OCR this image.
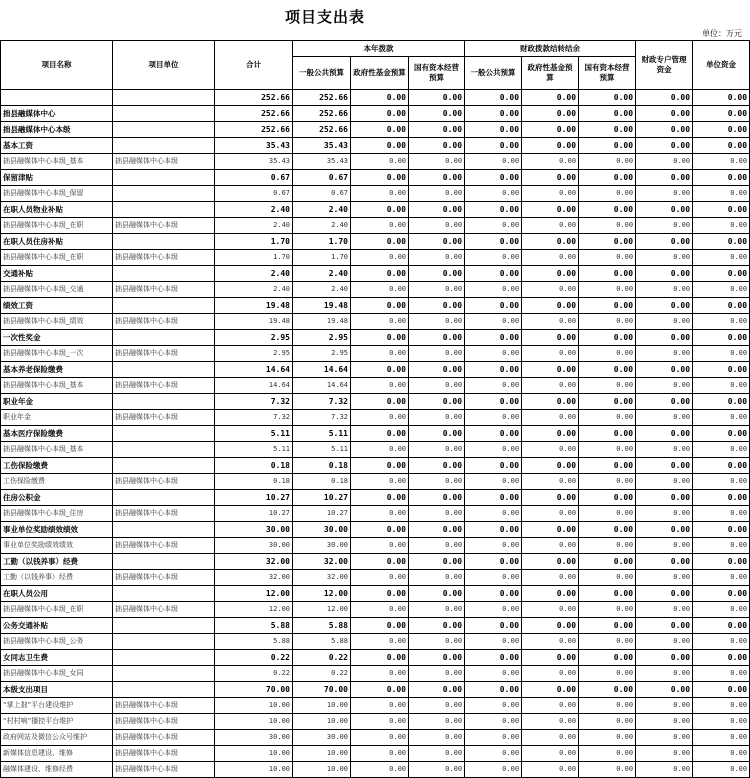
项目支出表
单位：万元
项目名称	项目单位	合计	本年拨款			财政拨款结转结余			财政专户管理资金	单位资金
			一般公共预算	政府性基金预算	国有资本经营预算	一般公共预算	政府性基金预算	国有资本经营预算		
		252.66	252.66	0.00	0.00	0.00	0.00	0.00	0.00	0.00
拙县融媒体中心		252.66	252.66	0.00	0.00	0.00	0.00	0.00	0.00	0.00
拙县融媒体中心本级		252.66	252.66	0.00	0.00	0.00	0.00	0.00	0.00	0.00
基本工资		35.43	35.43	0.00	0.00	0.00	0.00	0.00	0.00	0.00
拙县融媒体中心本级_基本	拙县融媒体中心本级	35.43	35.43	0.00	0.00	0.00	0.00	0.00	0.00	0.00
保留津贴		0.67	0.67	0.00	0.00	0.00	0.00	0.00	0.00	0.00
拙县融媒体中心本级_保留		0.67	0.67	0.00	0.00	0.00	0.00	0.00	0.00	0.00
在职人员物业补贴		2.40	2.40	0.00	0.00	0.00	0.00	0.00	0.00	0.00
拙县融媒体中心本级_在职	拙县融媒体中心本级	2.40	2.40	0.00	0.00	0.00	0.00	0.00	0.00	0.00
在职人员住房补贴		1.70	1.70	0.00	0.00	0.00	0.00	0.00	0.00	0.00
拙县融媒体中心本级_在职	拙县融媒体中心本级	1.70	1.70	0.00	0.00	0.00	0.00	0.00	0.00	0.00
交通补贴		2.40	2.40	0.00	0.00	0.00	0.00	0.00	0.00	0.00
拙县融媒体中心本级_交通	拙县融媒体中心本级	2.40	2.40	0.00	0.00	0.00	0.00	0.00	0.00	0.00
绩效工资		19.48	19.48	0.00	0.00	0.00	0.00	0.00	0.00	0.00
拙县融媒体中心本级_绩效	拙县融媒体中心本级	19.48	19.48	0.00	0.00	0.00	0.00	0.00	0.00	0.00
一次性奖金		2.95	2.95	0.00	0.00	0.00	0.00	0.00	0.00	0.00
拙县融媒体中心本级_一次	拙县融媒体中心本级	2.95	2.95	0.00	0.00	0.00	0.00	0.00	0.00	0.00
基本养老保险缴费		14.64	14.64	0.00	0.00	0.00	0.00	0.00	0.00	0.00
拙县融媒体中心本级_基本	拙县融媒体中心本级	14.64	14.64	0.00	0.00	0.00	0.00	0.00	0.00	0.00
职业年金		7.32	7.32	0.00	0.00	0.00	0.00	0.00	0.00	0.00
职业年金	拙县融媒体中心本级	7.32	7.32	0.00	0.00	0.00	0.00	0.00	0.00	0.00
基本医疗保险缴费		5.11	5.11	0.00	0.00	0.00	0.00	0.00	0.00	0.00
拙县融媒体中心本级_基本		5.11	5.11	0.00	0.00	0.00	0.00	0.00	0.00	0.00
工伤保险缴费		0.18	0.18	0.00	0.00	0.00	0.00	0.00	0.00	0.00
工伤保险缴费	拙县融媒体中心本级	0.18	0.18	0.00	0.00	0.00	0.00	0.00	0.00	0.00
住房公积金		10.27	10.27	0.00	0.00	0.00	0.00	0.00	0.00	0.00
拙县融媒体中心本级_住房	拙县融媒体中心本级	10.27	10.27	0.00	0.00	0.00	0.00	0.00	0.00	0.00
事业单位奖励绩效绩效		30.00	30.00	0.00	0.00	0.00	0.00	0.00	0.00	0.00
事业单位奖励绩效绩效	拙县融媒体中心本级	30.00	30.00	0.00	0.00	0.00	0.00	0.00	0.00	0.00
工勤（以钱养事）经费		32.00	32.00	0.00	0.00	0.00	0.00	0.00	0.00	0.00
工勤（以钱养事）经费	拙县融媒体中心本级	32.00	32.00	0.00	0.00	0.00	0.00	0.00	0.00	0.00
在职人员公用		12.00	12.00	0.00	0.00	0.00	0.00	0.00	0.00	0.00
拙县融媒体中心本级_在职	拙县融媒体中心本级	12.00	12.00	0.00	0.00	0.00	0.00	0.00	0.00	0.00
公务交通补贴		5.88	5.88	0.00	0.00	0.00	0.00	0.00	0.00	0.00
拙县融媒体中心本级_公务		5.88	5.88	0.00	0.00	0.00	0.00	0.00	0.00	0.00
女同志卫生费		0.22	0.22	0.00	0.00	0.00	0.00	0.00	0.00	0.00
拙县融媒体中心本级_女同		0.22	0.22	0.00	0.00	0.00	0.00	0.00	0.00	0.00
本级支出项目		70.00	70.00	0.00	0.00	0.00	0.00	0.00	0.00	0.00
“掌上拙”平台建设维护	拙县融媒体中心本级	10.00	10.00	0.00	0.00	0.00	0.00	0.00	0.00	0.00
“村村响”播控平台维护	拙县融媒体中心本级	10.00	10.00	0.00	0.00	0.00	0.00	0.00	0.00	0.00
政府网站及微信公众号维护	拙县融媒体中心本级	30.00	30.00	0.00	0.00	0.00	0.00	0.00	0.00	0.00
新媒体信息建设、维修	拙县融媒体中心本级	10.00	10.00	0.00	0.00	0.00	0.00	0.00	0.00	0.00
融媒体建设、维修经费	拙县融媒体中心本级	10.00	10.00	0.00	0.00	0.00	0.00	0.00	0.00	0.00
